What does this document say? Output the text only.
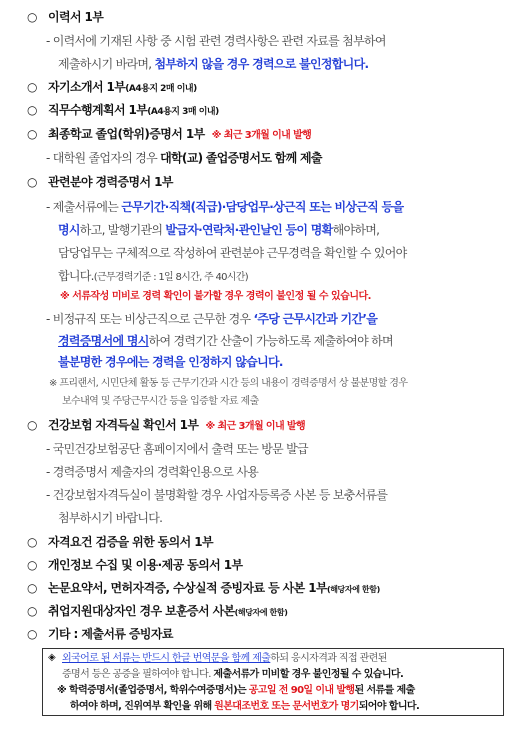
○ 이력서 1부
- 이력서에 기재된 사항 중 시험 관련 경력사항은 관련 자료를 첨부하여
제출하시기 바라며, 첨부하지 않을 경우 경력으로 불인정합니다.
○ 자기소개서 1부(A4용지 2매 이내)
○ 직무수행계획서 1부(A4용지 3매 이내)
○ 최종학교 졸업(학위)증명서 1부 ※ 최근 3개월 이내 발행
- 대학원 졸업자의 경우 대학(교) 졸업증명서도 함께 제출
○ 관련분야 경력증명서 1부
- 제출서류에는 근무기간·직책(직급)·담당업무·상근직 또는 비상근직 등을
명시하고, 발행기관의 발급자·연락처·관인날인 등이 명확해야하며,
담당업무는 구체적으로 작성하여 관련분야 근무경력을 확인할 수 있어야
합니다.(근무경력기준 : 1일 8시간, 주 40시간)
※ 서류작성 미비로 경력 확인이 불가할 경우 경력이 불인정 될 수 있습니다.
- 비정규직 또는 비상근직으로 근무한 경우 ‘주당 근무시간과 기간’을
경력증명서에 명시하여 경력기간 산출이 가능하도록 제출하여야 하며
불분명한 경우에는 경력을 인정하지 않습니다.
※ 프리랜서, 시민단체 활동 등 근무기간과 시간 등의 내용이 경력증명서 상 불분명할 경우
보수내역 및 주당근무시간 등을 입증할 자료 제출
○ 건강보험 자격득실 확인서 1부 ※ 최근 3개월 이내 발행
- 국민건강보험공단 홈페이지에서 출력 또는 방문 발급
- 경력증명서 제출자의 경력확인용으로 사용
- 건강보험자격득실이 불명확할 경우 사업자등록증 사본 등 보충서류를
첨부하시기 바랍니다.
○ 자격요건 검증을 위한 동의서 1부
○ 개인정보 수집 및 이용·제공 동의서 1부
○ 논문요약서, 면허자격증, 수상실적 증빙자료 등 사본 1부(해당자에 한함)
○ 취업지원대상자인 경우 보훈증서 사본(해당자에 한함)
○ 기타 : 제출서류 증빙자료
◈ 외국어로 된 서류는 반드시 한글 번역문을 함께 제출하되 응시자격과 직접 관련된
증명서 등은 공증을 필하여야 합니다. 제출서류가 미비할 경우 불인정될 수 있습니다.
※ 학력증명서(졸업증명서, 학위수여증명서)는 공고일 전 90일 이내 발행된 서류를 제출
하여야 하며, 진위여부 확인을 위해 원본대조번호 또는 문서번호가 명기되어야 합니다.
